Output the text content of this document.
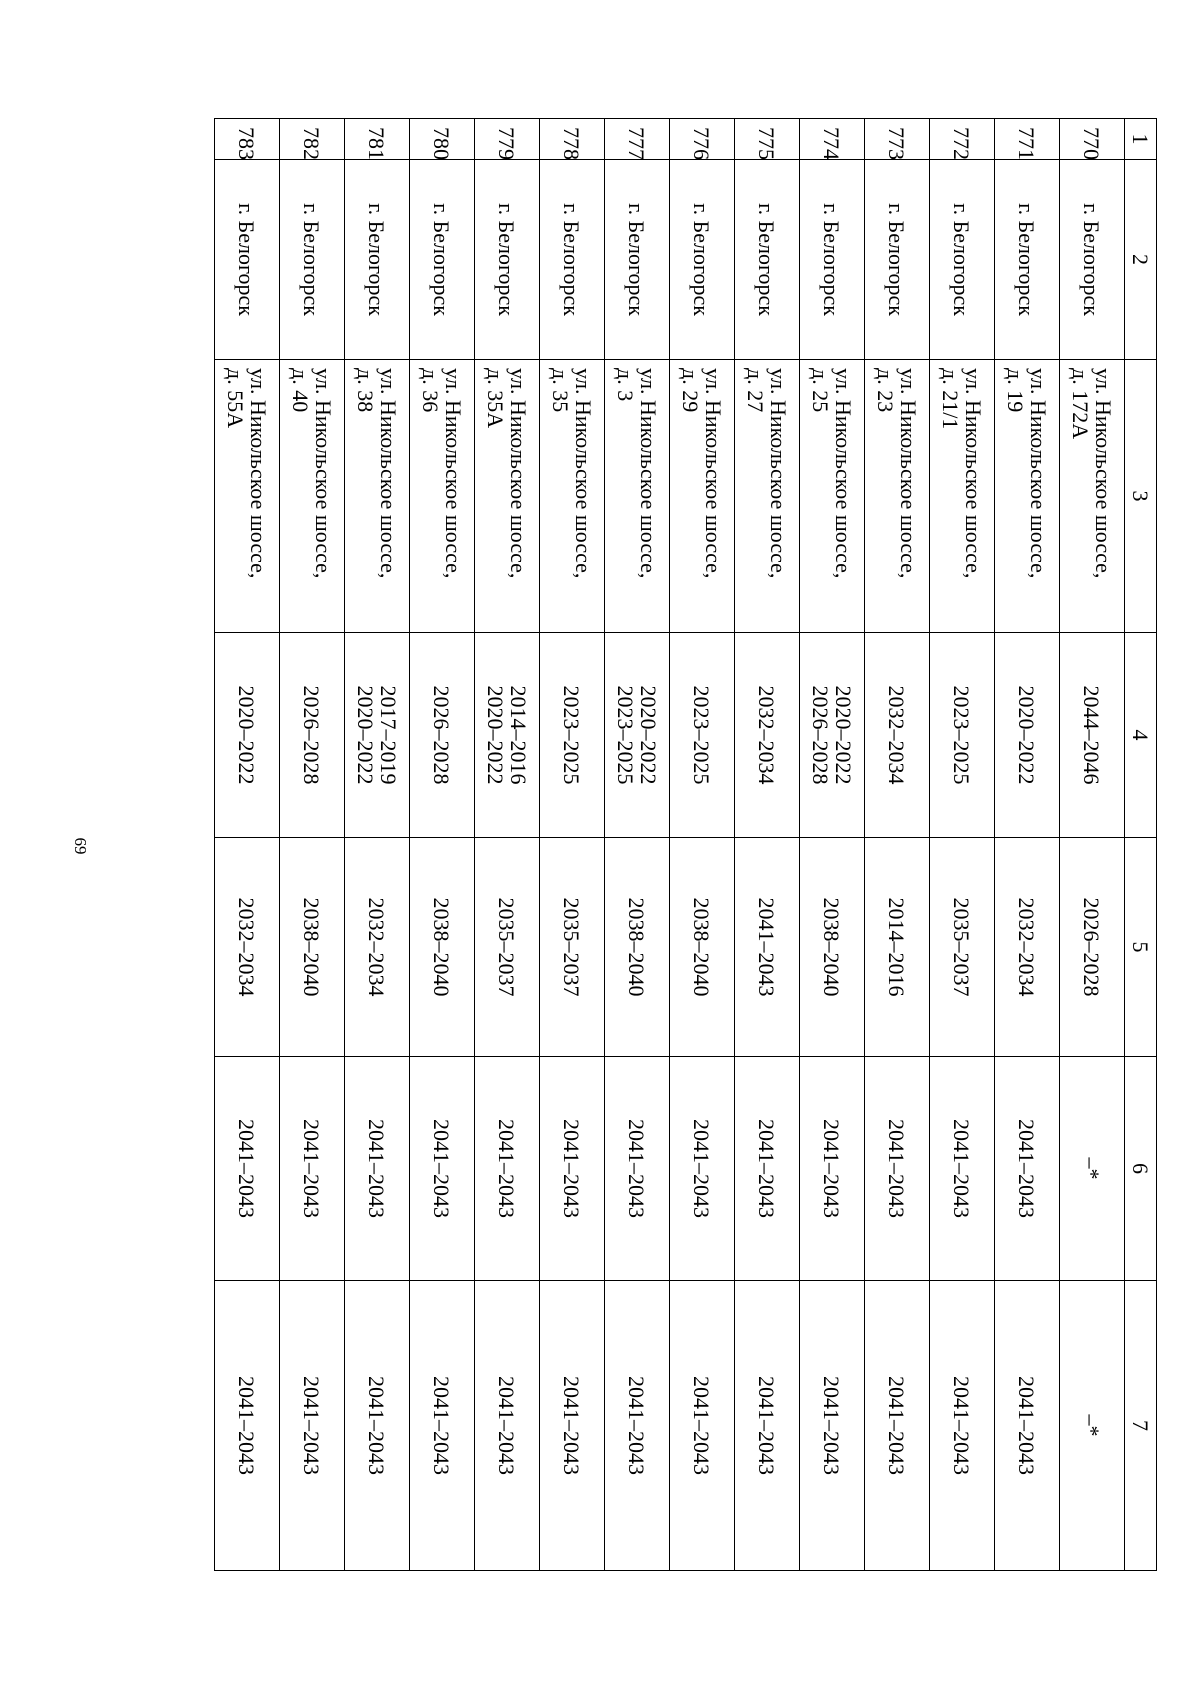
69
1	2	3	4	5	6	7

770	г. Белогорск	ул. Никольское шоссе,
д. 172А	2044–2046	2026–2028	–*	–*

771	г. Белогорск	ул. Никольское шоссе,
д. 19	2020–2022	2032–2034	2041–2043	2041–2043

772	г. Белогорск	ул. Никольское шоссе,
д. 21/1	2023–2025	2035–2037	2041–2043	2041–2043

773	г. Белогорск	ул. Никольское шоссе,
д. 23	2032–2034	2014–2016	2041–2043	2041–2043

774	г. Белогорск	ул. Никольское шоссе,
д. 25	2020–2022
2026–2028	2038–2040	2041–2043	2041–2043

775	г. Белогорск	ул. Никольское шоссе,
д. 27	2032–2034	2041–2043	2041–2043	2041–2043

776	г. Белогорск	ул. Никольское шоссе,
д. 29	2023–2025	2038–2040	2041–2043	2041–2043

777	г. Белогорск	ул. Никольское шоссе,
д. 3	2020–2022
2023–2025	2038–2040	2041–2043	2041–2043

778	г. Белогорск	ул. Никольское шоссе,
д. 35	2023–2025	2035–2037	2041–2043	2041–2043

779	г. Белогорск	ул. Никольское шоссе,
д. 35А	2014–2016
2020–2022	2035–2037	2041–2043	2041–2043

780	г. Белогорск	ул. Никольское шоссе,
д. 36	2026–2028	2038–2040	2041–2043	2041–2043

781	г. Белогорск	ул. Никольское шоссе,
д. 38	2017–2019
2020–2022	2032–2034	2041–2043	2041–2043

782	г. Белогорск	ул. Никольское шоссе,
д. 40	2026–2028	2038–2040	2041–2043	2041–2043

783	г. Белогорск	ул. Никольское шоссе,
д. 55А	2020–2022	2032–2034	2041–2043	2041–2043
